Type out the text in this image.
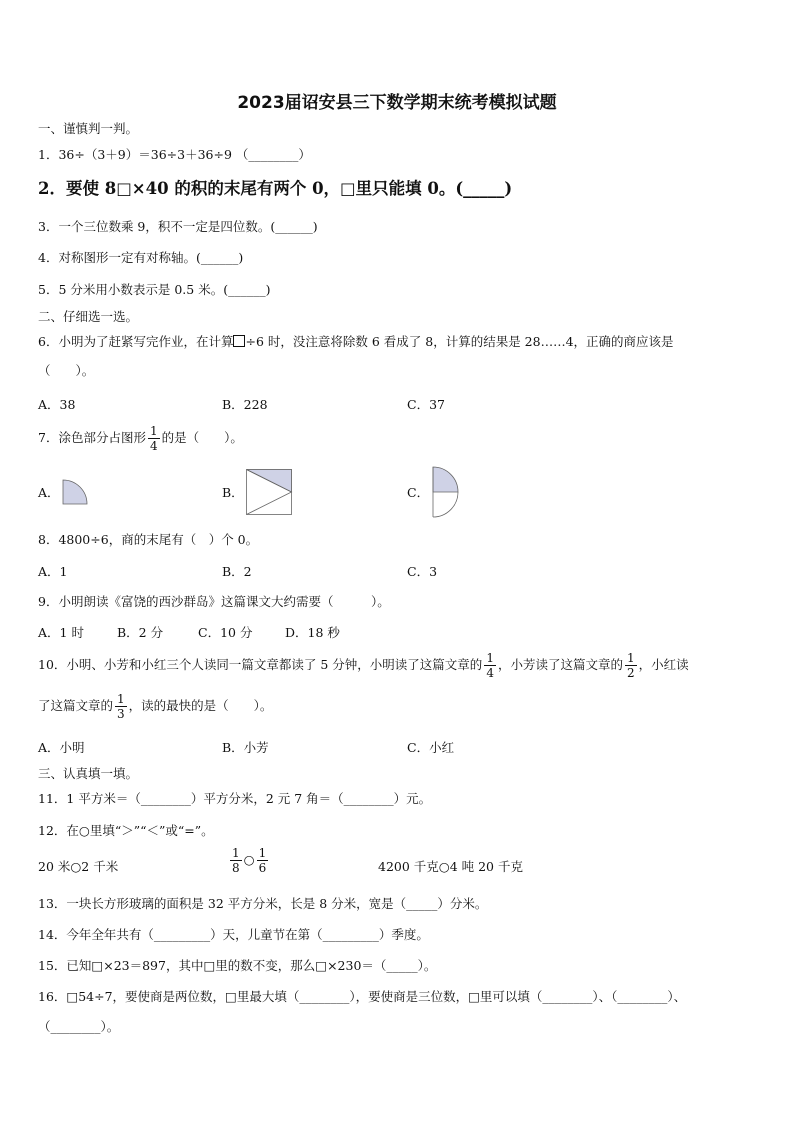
2023届诏安县三下数学期末统考模拟试题
一、谨慎判一判。
1．36÷（3＋9）＝36÷3＋36÷9 （________）
2．要使 8□×40 的积的末尾有两个 0，□里只能填 0。(_____)
3．一个三位数乘 9，积不一定是四位数。(______)
4．对称图形一定有对称轴。(______)
5．5 分米用小数表示是 0.5 米。(______)
二、仔细选一选。
6．小明为了赶紧写完作业，在计算 ÷6 时，没注意将除数 6 看成了 8，计算的结果是 28……4，正确的商应该是
（　　）。
A．38	B．228	C．37
7．涂色部分占图形 $\frac{1}{4}$ 的是（　　）。
A．	B．	C．
8．4800÷6，商的末尾有（　）个 0。
A．1	B．2	C．3
9．小明朗读《富饶的西沙群岛》这篇课文大约需要（　　　）。
A．1 时	B．2 分	C．10 分	D．18 秒
10．小明、小芳和小红三个人读同一篇文章都读了 5 分钟，小明读了这篇文章的 $\frac{1}{4}$ ，小芳读了这篇文章的 $\frac{1}{2}$ ，小红读
了这篇文章的 $\frac{1}{3}$ ，读的最快的是（　　）。
A．小明	B．小芳	C．小红
三、认真填一填。
11．1 平方米＝（________）平方分米，2 元 7 角＝（________）元。
12．在○里填“＞”“＜”或“=”。
20 米○2 千米	$\frac{1}{8}$ ○ $\frac{1}{6}$	4200 千克○4 吨 20 千克
13．一块长方形玻璃的面积是 32 平方分米，长是 8 分米，宽是（_____）分米。
14．今年全年共有（_________）天，儿童节在第（_________）季度。
15．已知□×23＝897，其中□里的数不变，那么□×230＝（_____）。
16．□54÷7，要使商是两位数，□里最大填（________），要使商是三位数，□里可以填（________）、（________）、
（________）。
